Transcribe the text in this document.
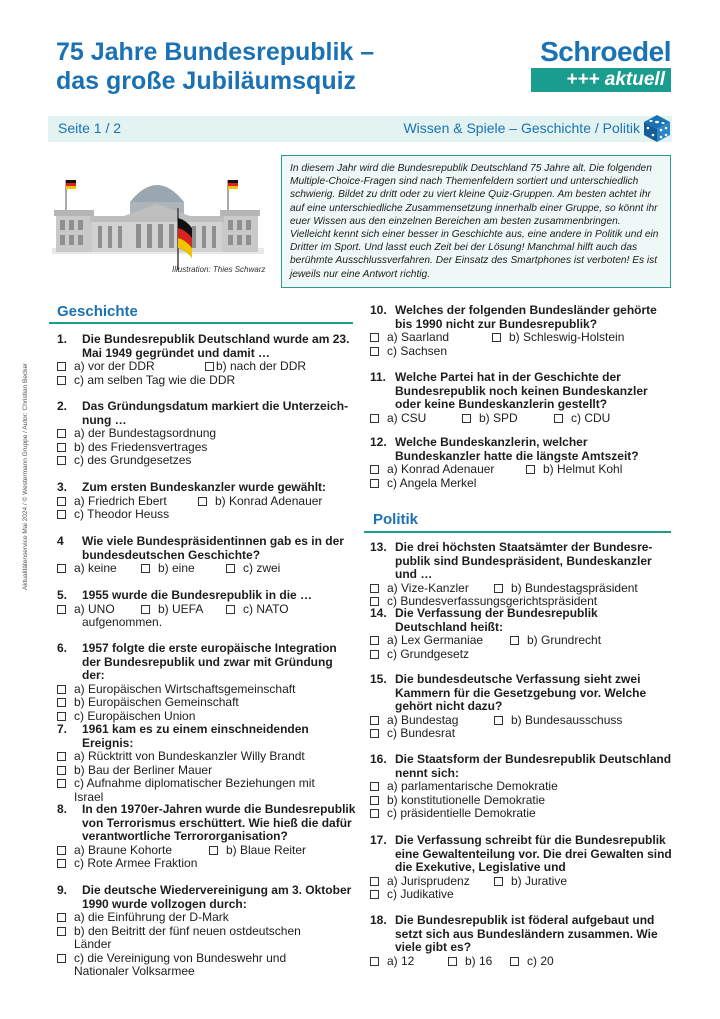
75 Jahre Bundesrepublik –
das große Jubiläumsquiz
Schroedel
+++ aktuell
Seite 1 / 2	Wissen & Spiele – Geschichte / Politik
Illustration: Thies Schwarz
In diesem Jahr wird die Bundesrepublik Deutschland 75 Jahre alt. Die folgenden Multiple-Choice-Fragen sind nach Themenfeldern sortiert und unterschiedlich schwierig. Bildet zu dritt oder zu viert kleine Quiz-Gruppen. Am besten achtet ihr auf eine unterschiedliche Zusammensetzung innerhalb einer Gruppe, so könnt ihr euer Wissen aus den einzelnen Bereichen am besten zusammenbringen. Vielleicht kennt sich einer besser in Geschichte aus, eine andere in Politik und ein Dritter im Sport. Und lasst euch Zeit bei der Lösung! Manchmal hilft auch das berühmte Ausschlussverfahren. Der Einsatz des Smartphones ist verboten! Es ist jeweils nur eine Antwort richtig.
Aktualitätenservice Mai 2024 / © Westermann Gruppe / Autor: Christian Becker
Geschichte
Politik
1.	Die Bundesrepublik Deutschland wurde am 23. Mai 1949 gegründet und damit …
a) vor der DDR	b) nach der DDR
c) am selben Tag wie die DDR
2.	Das Gründungsdatum markiert die Unterzeichnung …
a) der Bundestagsordnung
b) des Friedensvertrages
c) des Grundgesetzes
3.	Zum ersten Bundeskanzler wurde gewählt:
a) Friedrich Ebert	b) Konrad Adenauer
c) Theodor Heuss
4	Wie viele Bundespräsidentinnen gab es in der bundesdeutschen Geschichte?
a) keine	b) eine	c) zwei
5.	1955 wurde die Bundesrepublik in die …
a) UNO	b) UEFA	c) NATO
aufgenommen.
6.	1957 folgte die erste europäische Integration der Bundesrepublik und zwar mit Gründung der:
a) Europäischen Wirtschaftsgemeinschaft
b) Europäischen Gemeinschaft
c) Europäischen Union
7.	1961 kam es zu einem einschneidenden Ereignis:
a) Rücktritt von Bundeskanzler Willy Brandt
b) Bau der Berliner Mauer
c) Aufnahme diplomatischer Beziehungen mit Israel
8.	In den 1970er-Jahren wurde die Bundesrepublik von Terrorismus erschüttert. Wie hieß die dafür verantwortliche Terrororganisation?
a) Braune Kohorte	b) Blaue Reiter
c) Rote Armee Fraktion
9.	Die deutsche Wiedervereinigung am 3. Oktober 1990 wurde vollzogen durch:
a) die Einführung der D-Mark
b) den Beitritt der fünf neuen ostdeutschen Länder
c) die Vereinigung von Bundeswehr und Nationaler Volksarmee
10. Welches der folgenden Bundesländer gehörte bis 1990 nicht zur Bundesrepublik?
a) Saarland	b) Schleswig-Holstein
c) Sachsen
11. Welche Partei hat in der Geschichte der Bundesrepublik noch keinen Bundeskanzler oder keine Bundeskanzlerin gestellt?
a) CSU	b) SPD	c) CDU
12. Welche Bundeskanzlerin, welcher Bundeskanzler hatte die längste Amtszeit?
a) Konrad Adenauer	b) Helmut Kohl
c) Angela Merkel
13. Die drei höchsten Staatsämter der Bundesrepublik sind Bundespräsident, Bundeskanzler und …
a) Vize-Kanzler	b) Bundestagspräsident
c) Bundesverfassungsgerichtspräsident
14. Die Verfassung der Bundesrepublik Deutschland heißt:
a) Lex Germaniae	b) Grundrecht
c) Grundgesetz
15. Die bundesdeutsche Verfassung sieht zwei Kammern für die Gesetzgebung vor. Welche gehört nicht dazu?
a) Bundestag	b) Bundesausschuss
c) Bundesrat
16. Die Staatsform der Bundesrepublik Deutschland nennt sich:
a) parlamentarische Demokratie
b) konstitutionelle Demokratie
c) präsidentielle Demokratie
17. Die Verfassung schreibt für die Bundesrepublik eine Gewaltenteilung vor. Die drei Gewalten sind die Exekutive, Legislative und
a) Jurisprudenz	b) Jurative
c) Judikative
18. Die Bundesrepublik ist föderal aufgebaut und setzt sich aus Bundesländern zusammen. Wie viele gibt es?
a) 12	b) 16	c) 20
